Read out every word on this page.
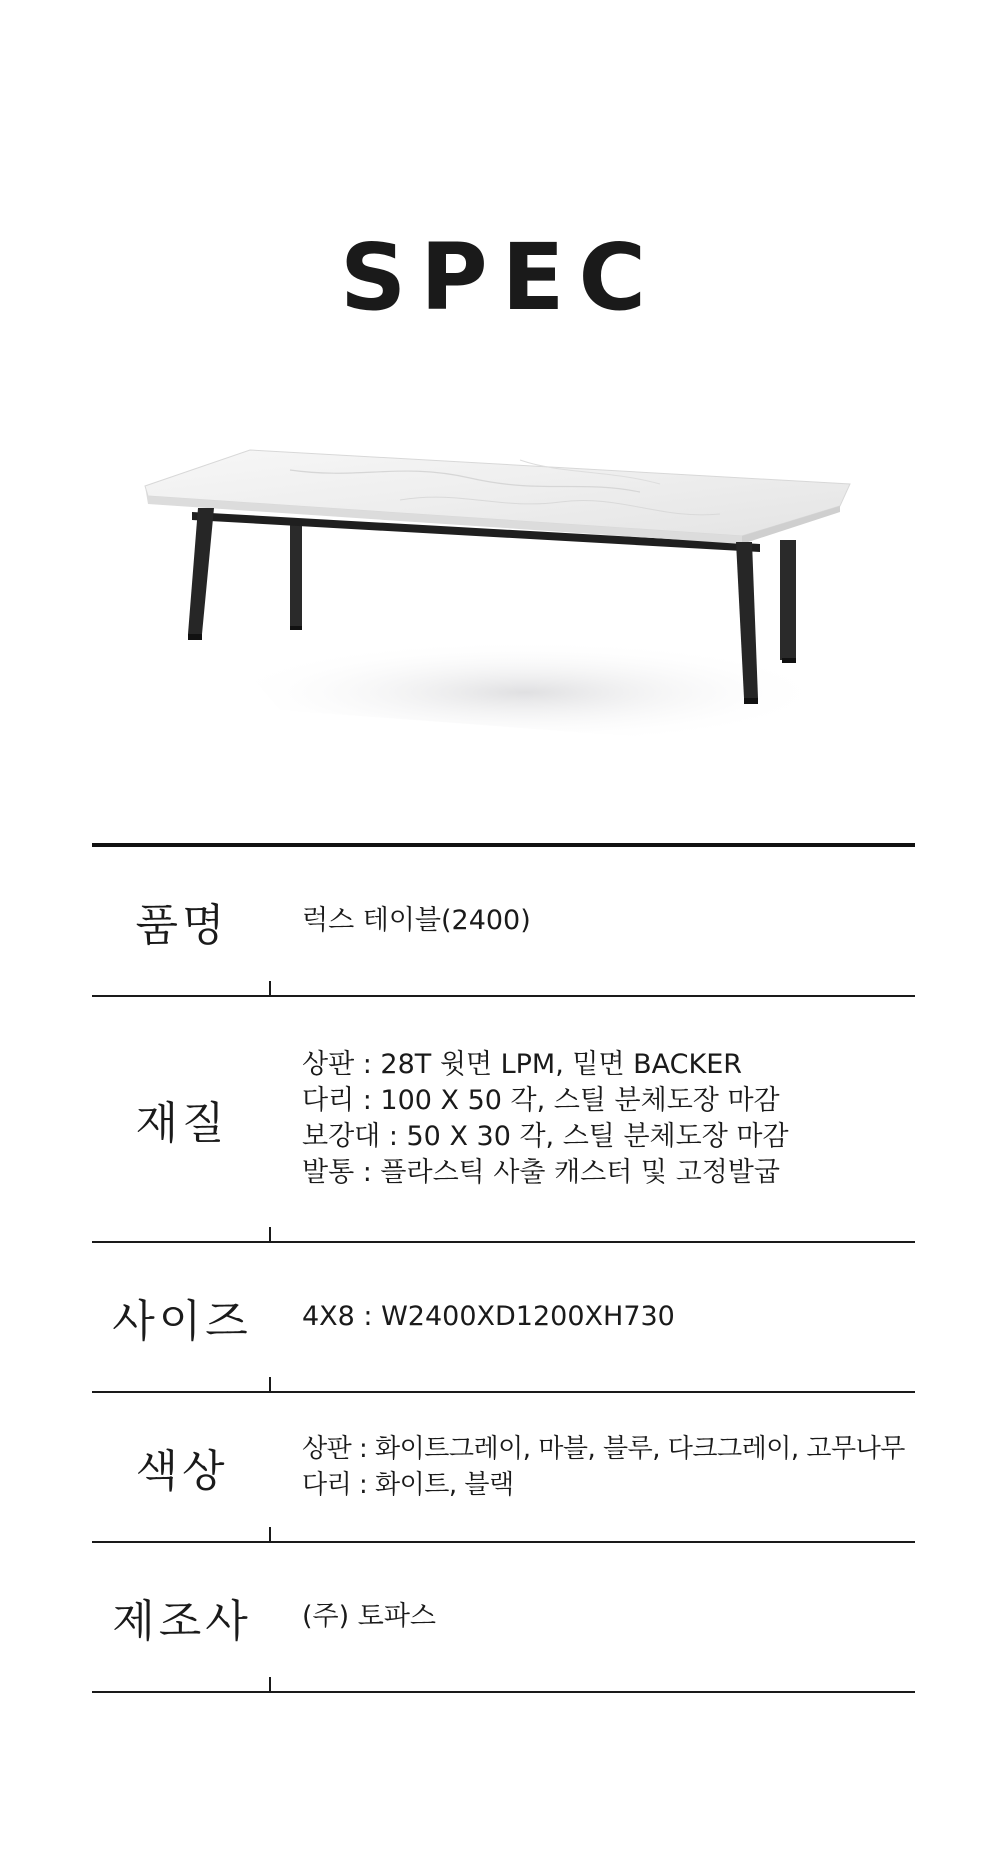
SPEC
품명	럭스 테이블(2400)
재질
상판 : 28T 윗면 LPM, 밑면 BACKER
다리 : 100 X 50 각, 스틸 분체도장 마감
보강대 : 50 X 30 각, 스틸 분체도장 마감
발통 : 플라스틱 사출 캐스터 및 고정발굽
사이즈	4X8 : W2400XD1200XH730
색상	상판 : 화이트그레이, 마블, 블루, 다크그레이, 고무나무
다리 : 화이트, 블랙
제조사	(주) 토파스
